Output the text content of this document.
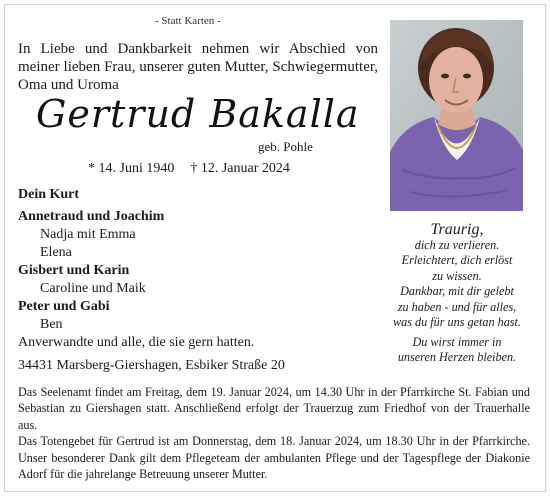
- Statt Karten -
In Liebe und Dankbarkeit nehmen wir Abschied von meiner lieben Frau, unserer guten Mutter, Schwiegermutter, Oma und Uroma
Gertrud Bakalla
geb. Pohle
* 14. Juni 1940 † 12. Januar 2024
Dein Kurt
Annetraud und Joachim
Nadja mit Emma
Elena
Gisbert und Karin
Caroline und Maik
Peter und Gabi
Ben
Anverwandte und alle, die sie gern hatten.
34431 Marsberg-Giershagen, Esbiker Straße 20

Das Seelenamt findet am Freitag, dem 19. Januar 2024, um 14.30 Uhr in der Pfarrkirche St. Fabian und Sebastian zu Giershagen statt. Anschließend erfolgt der Trauerzug zum Friedhof von der Trauerhalle aus.

Das Totengebet für Gertrud ist am Donnerstag, dem 18. Januar 2024, um 18.30 Uhr in der Pfarrkirche. Unser besonderer Dank gilt dem Pflegeteam der ambulanten Pflege und der Tagespflege der Diakonie Adorf für die jahrelange Betreuung unserer Mutter.

Traurig,
dich zu verlieren.
Erleichtert, dich erlöst
zu wissen.
Dankbar, mit dir gelebt
zu haben - und für alles,
was du für uns getan hast.
Du wirst immer in
unseren Herzen bleiben.
